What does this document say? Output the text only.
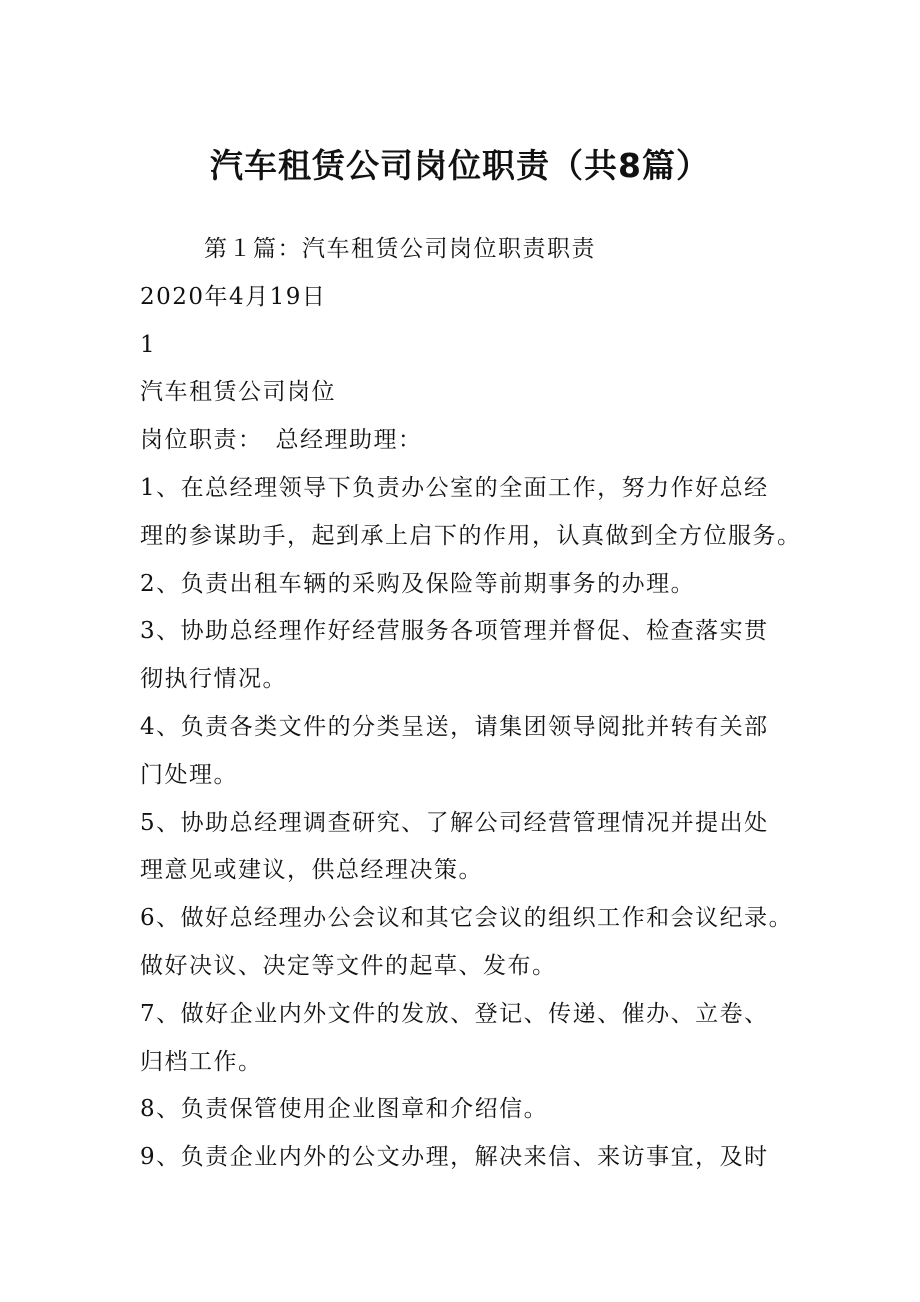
汽车租赁公司岗位职责（共8篇）
第１篇：汽车租赁公司岗位职责职责
2020年4月19日
1
汽车租赁公司岗位
岗位职责：　总经理助理：
1、在总经理领导下负责办公室的全面工作，努力作好总经
理的参谋助手，起到承上启下的作用，认真做到全方位服务。
2、负责出租车辆的采购及保险等前期事务的办理。
3、协助总经理作好经营服务各项管理并督促、检查落实贯
彻执行情况。
4、负责各类文件的分类呈送，请集团领导阅批并转有关部
门处理。
5、协助总经理调查研究、了解公司经营管理情况并提出处
理意见或建议，供总经理决策。
6、做好总经理办公会议和其它会议的组织工作和会议纪录。
做好决议、决定等文件的起草、发布。
7、做好企业内外文件的发放、登记、传递、催办、立卷、
归档工作。
8、负责保管使用企业图章和介绍信。
9、负责企业内外的公文办理，解决来信、来访事宜，及时
